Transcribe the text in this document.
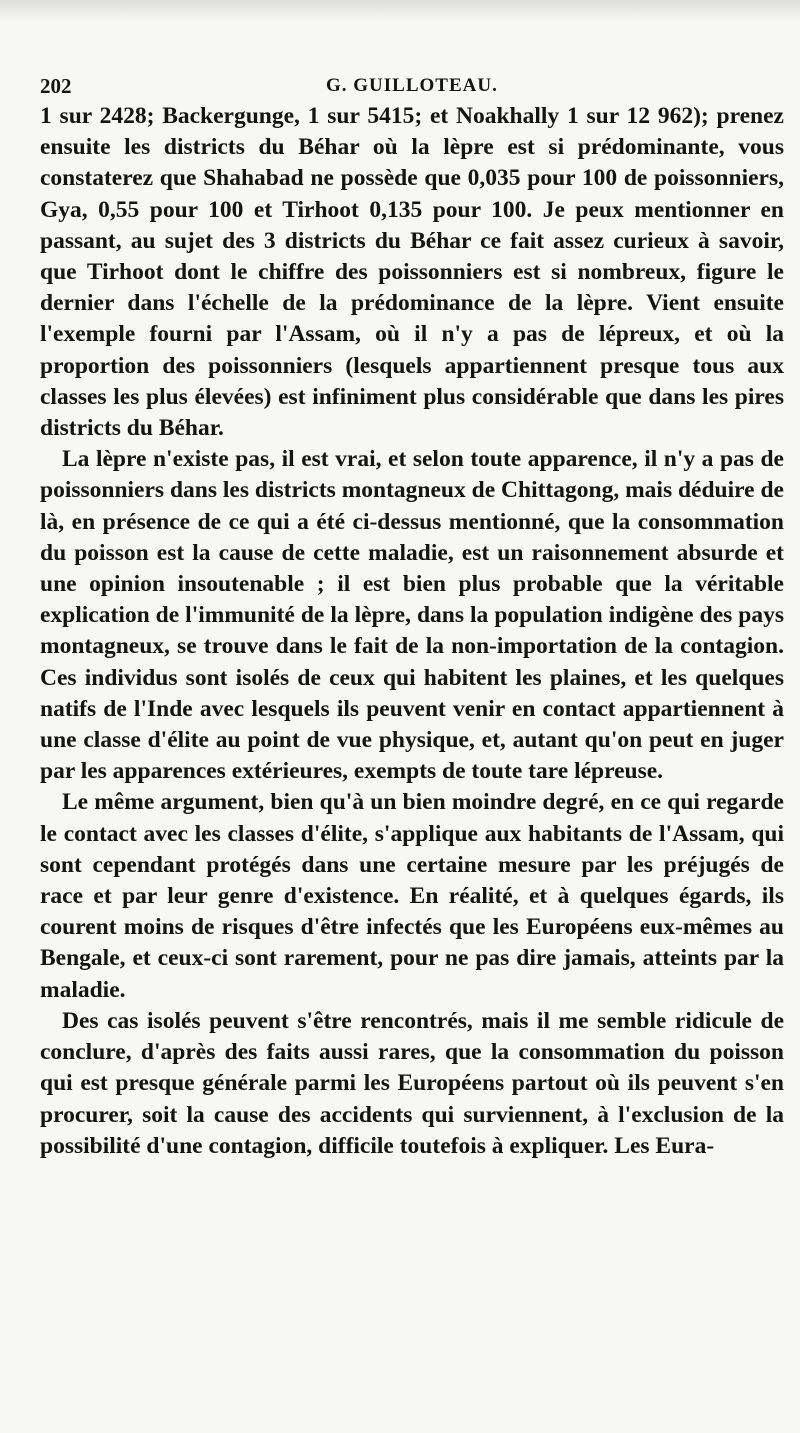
202	G. GUILLOTEAU.

1 sur 2428; Backergunge, 1 sur 5415; et Noakhally 1 sur 12 962); prenez ensuite les districts du Béhar où la lèpre est si prédominante, vous constaterez que Shahabad ne possède que 0,035 pour 100 de poissonniers, Gya, 0,55 pour 100 et Tirhoot 0,135 pour 100. Je peux mentionner en passant, au sujet des 3 districts du Béhar ce fait assez curieux à savoir, que Tirhoot dont le chiffre des poissonniers est si nombreux, figure le dernier dans l'échelle de la prédominance de la lèpre. Vient ensuite l'exemple fourni par l'Assam, où il n'y a pas de lépreux, et où la proportion des poissonniers (lesquels appartiennent presque tous aux classes les plus élevées) est infiniment plus considérable que dans les pires districts du Béhar.

La lèpre n'existe pas, il est vrai, et selon toute apparence, il n'y a pas de poissonniers dans les districts montagneux de Chittagong, mais déduire de là, en présence de ce qui a été ci-dessus mentionné, que la consommation du poisson est la cause de cette maladie, est un raisonnement absurde et une opinion insoutenable ; il est bien plus probable que la véritable explication de l'immunité de la lèpre, dans la population indigène des pays montagneux, se trouve dans le fait de la non-importation de la contagion. Ces individus sont isolés de ceux qui habitent les plaines, et les quelques natifs de l'Inde avec lesquels ils peuvent venir en contact appartiennent à une classe d'élite au point de vue physique, et, autant qu'on peut en juger par les apparences extérieures, exempts de toute tare lépreuse.

Le même argument, bien qu'à un bien moindre degré, en ce qui regarde le contact avec les classes d'élite, s'applique aux habitants de l'Assam, qui sont cependant protégés dans une certaine mesure par les préjugés de race et par leur genre d'existence. En réalité, et à quelques égards, ils courent moins de risques d'être infectés que les Européens eux-mêmes au Bengale, et ceux-ci sont rarement, pour ne pas dire jamais, atteints par la maladie.

Des cas isolés peuvent s'être rencontrés, mais il me semble ridicule de conclure, d'après des faits aussi rares, que la consommation du poisson qui est presque générale parmi les Européens partout où ils peuvent s'en procurer, soit la cause des accidents qui surviennent, à l'exclusion de la possibilité d'une contagion, difficile toutefois à expliquer. Les Eura-
